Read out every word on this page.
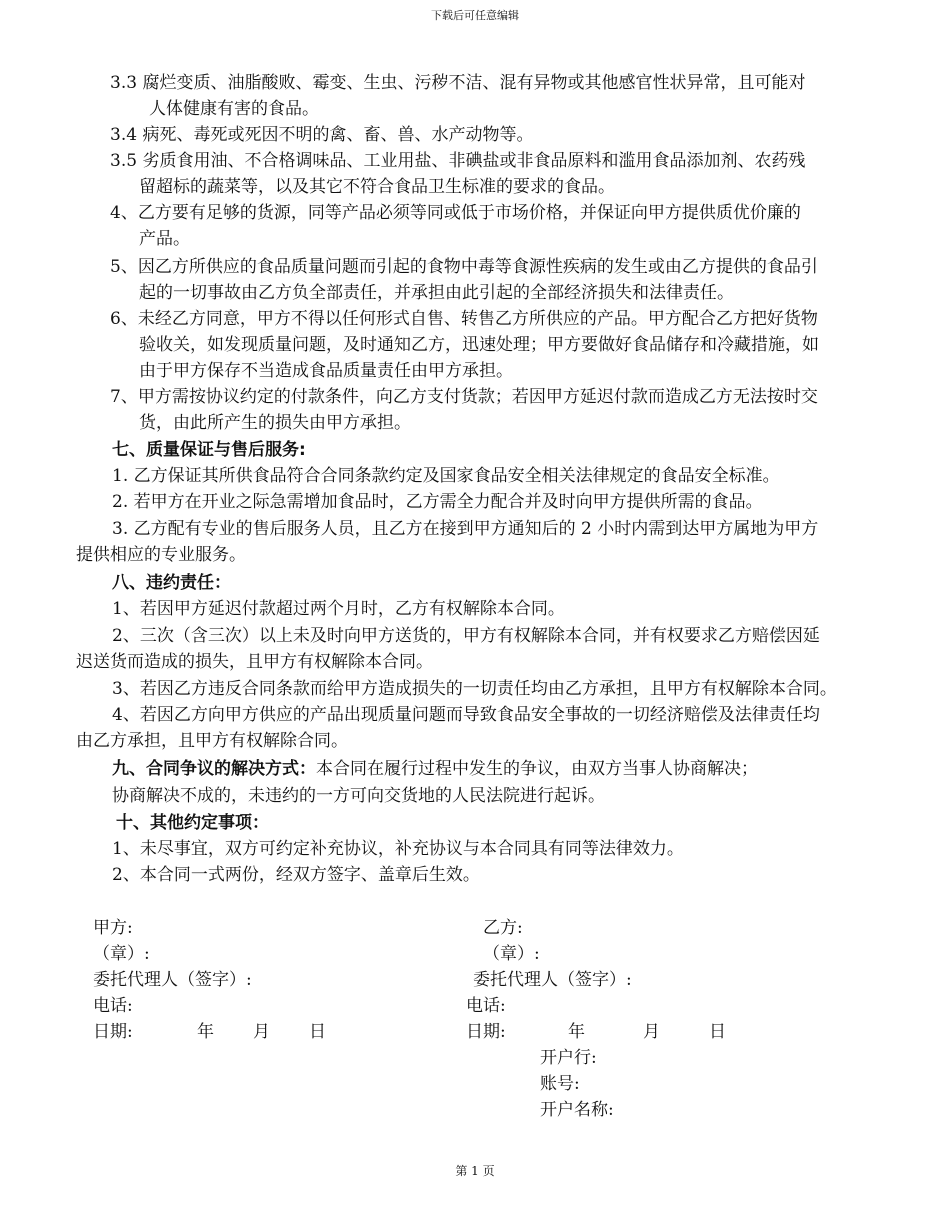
下载后可任意编辑
3.3 腐烂变质、油脂酸败、霉变、生虫、污秽不洁、混有异物或其他感官性状异常，且可能对
人体健康有害的食品。
3.4 病死、毒死或死因不明的禽、畜、兽、水产动物等。
3.5 劣质食用油、不合格调味品、工业用盐、非碘盐或非食品原料和滥用食品添加剂、农药残
留超标的蔬菜等，以及其它不符合食品卫生标准的要求的食品。
4、乙方要有足够的货源，同等产品必须等同或低于市场价格，并保证向甲方提供质优价廉的
产品。
5、因乙方所供应的食品质量问题而引起的食物中毒等食源性疾病的发生或由乙方提供的食品引
起的一切事故由乙方负全部责任，并承担由此引起的全部经济损失和法律责任。
6、未经乙方同意，甲方不得以任何形式自售、转售乙方所供应的产品。甲方配合乙方把好货物
验收关，如发现质量问题，及时通知乙方，迅速处理；甲方要做好食品储存和冷藏措施，如
由于甲方保存不当造成食品质量责任由甲方承担。
7、甲方需按协议约定的付款条件，向乙方支付货款；若因甲方延迟付款而造成乙方无法按时交
货，由此所产生的损失由甲方承担。
七、质量保证与售后服务:
1. 乙方保证其所供食品符合合同条款约定及国家食品安全相关法律规定的食品安全标准。
2. 若甲方在开业之际急需增加食品时，乙方需全力配合并及时向甲方提供所需的食品。
3. 乙方配有专业的售后服务人员，且乙方在接到甲方通知后的 2 小时内需到达甲方属地为甲方
提供相应的专业服务。
八、违约责任：
1、若因甲方延迟付款超过两个月时，乙方有权解除本合同。
2、三次（含三次）以上未及时向甲方送货的，甲方有权解除本合同，并有权要求乙方赔偿因延
迟送货而造成的损失，且甲方有权解除本合同。
3、若因乙方违反合同条款而给甲方造成损失的一切责任均由乙方承担，且甲方有权解除本合同。
4、若因乙方向甲方供应的产品出现质量问题而导致食品安全事故的一切经济赔偿及法律责任均
由乙方承担，且甲方有权解除合同。
九、合同争议的解决方式：本合同在履行过程中发生的争议，由双方当事人协商解决；
协商解决不成的，未违约的一方可向交货地的人民法院进行起诉。
十、其他约定事项：
1、未尽事宜，双方可约定补充协议，补充协议与本合同具有同等法律效力。
2、本合同一式两份，经双方签字、盖章后生效。
甲方:
（章）:
委托代理人（签字）:
电话:
日期:	年 月 日
乙方:
（章）:
委托代理人（签字）:
电话:
日期:	年	月	日
开户行:
账号:
开户名称:
第 1 页
